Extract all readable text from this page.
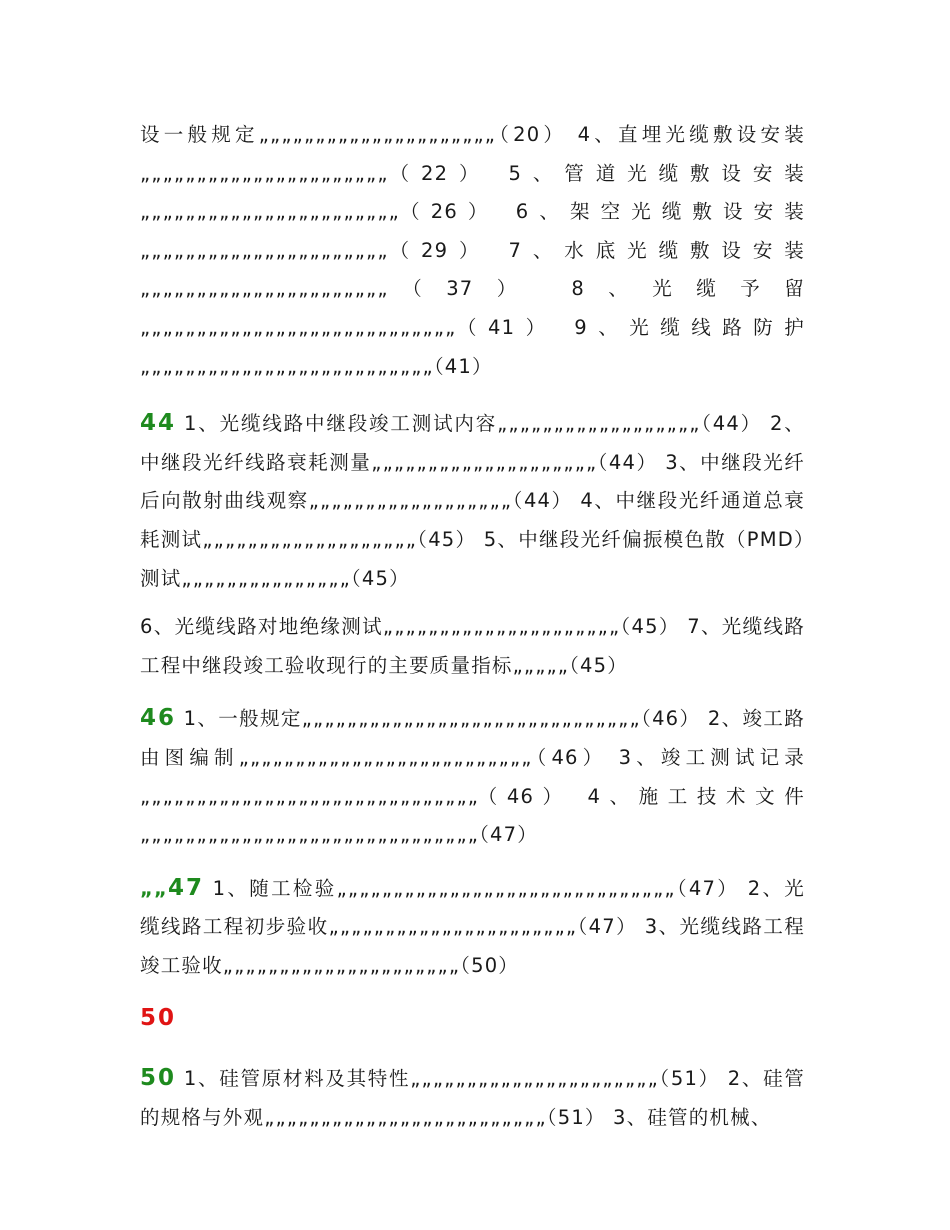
设一般规定„„„„„„„„„„„„„„„„„„„„„（20） 4、直埋光缆敷设安装„„„„„„„„„„„„„„„„„„„„„„（22） 5、管道光缆敷设安装„„„„„„„„„„„„„„„„„„„„„„„（26） 6、架空光缆敷设安装„„„„„„„„„„„„„„„„„„„„„„（29） 7、水底光缆敷设安装„„„„„„„„„„„„„„„„„„„„„„（37） 8、光缆予留„„„„„„„„„„„„„„„„„„„„„„„„„„„„（41） 9、光缆线路防护„„„„„„„„„„„„„„„„„„„„„„„„„„（41）

44 1、光缆线路中继段竣工测试内容„„„„„„„„„„„„„„„„„„（44） 2、中继段光纤线路衰耗测量„„„„„„„„„„„„„„„„„„„„（44） 3、中继段光纤后向散射曲线观察„„„„„„„„„„„„„„„„„„（44） 4、中继段光纤通道总衰耗测试„„„„„„„„„„„„„„„„„„„（45） 5、中继段光纤偏振模色散（PMD）测试„„„„„„„„„„„„„„„（45）

6、光缆线路对地绝缘测试„„„„„„„„„„„„„„„„„„„„„（45） 7、光缆线路工程中继段竣工验收现行的主要质量指标„„„„„（45）

46 1、一般规定„„„„„„„„„„„„„„„„„„„„„„„„„„„„„„（46） 2、竣工路由图编制„„„„„„„„„„„„„„„„„„„„„„„„„„（46） 3、竣工测试记录„„„„„„„„„„„„„„„„„„„„„„„„„„„„„„（46） 4、施工技术文件„„„„„„„„„„„„„„„„„„„„„„„„„„„„„„（47）

„„47 1、随工检验„„„„„„„„„„„„„„„„„„„„„„„„„„„„„„（47） 2、光缆线路工程初步验收„„„„„„„„„„„„„„„„„„„„„„（47） 3、光缆线路工程竣工验收„„„„„„„„„„„„„„„„„„„„„（50）

50

50 1、硅管原材料及其特性„„„„„„„„„„„„„„„„„„„„„„（51） 2、硅管的规格与外观„„„„„„„„„„„„„„„„„„„„„„„„„（51） 3、硅管的机械、
